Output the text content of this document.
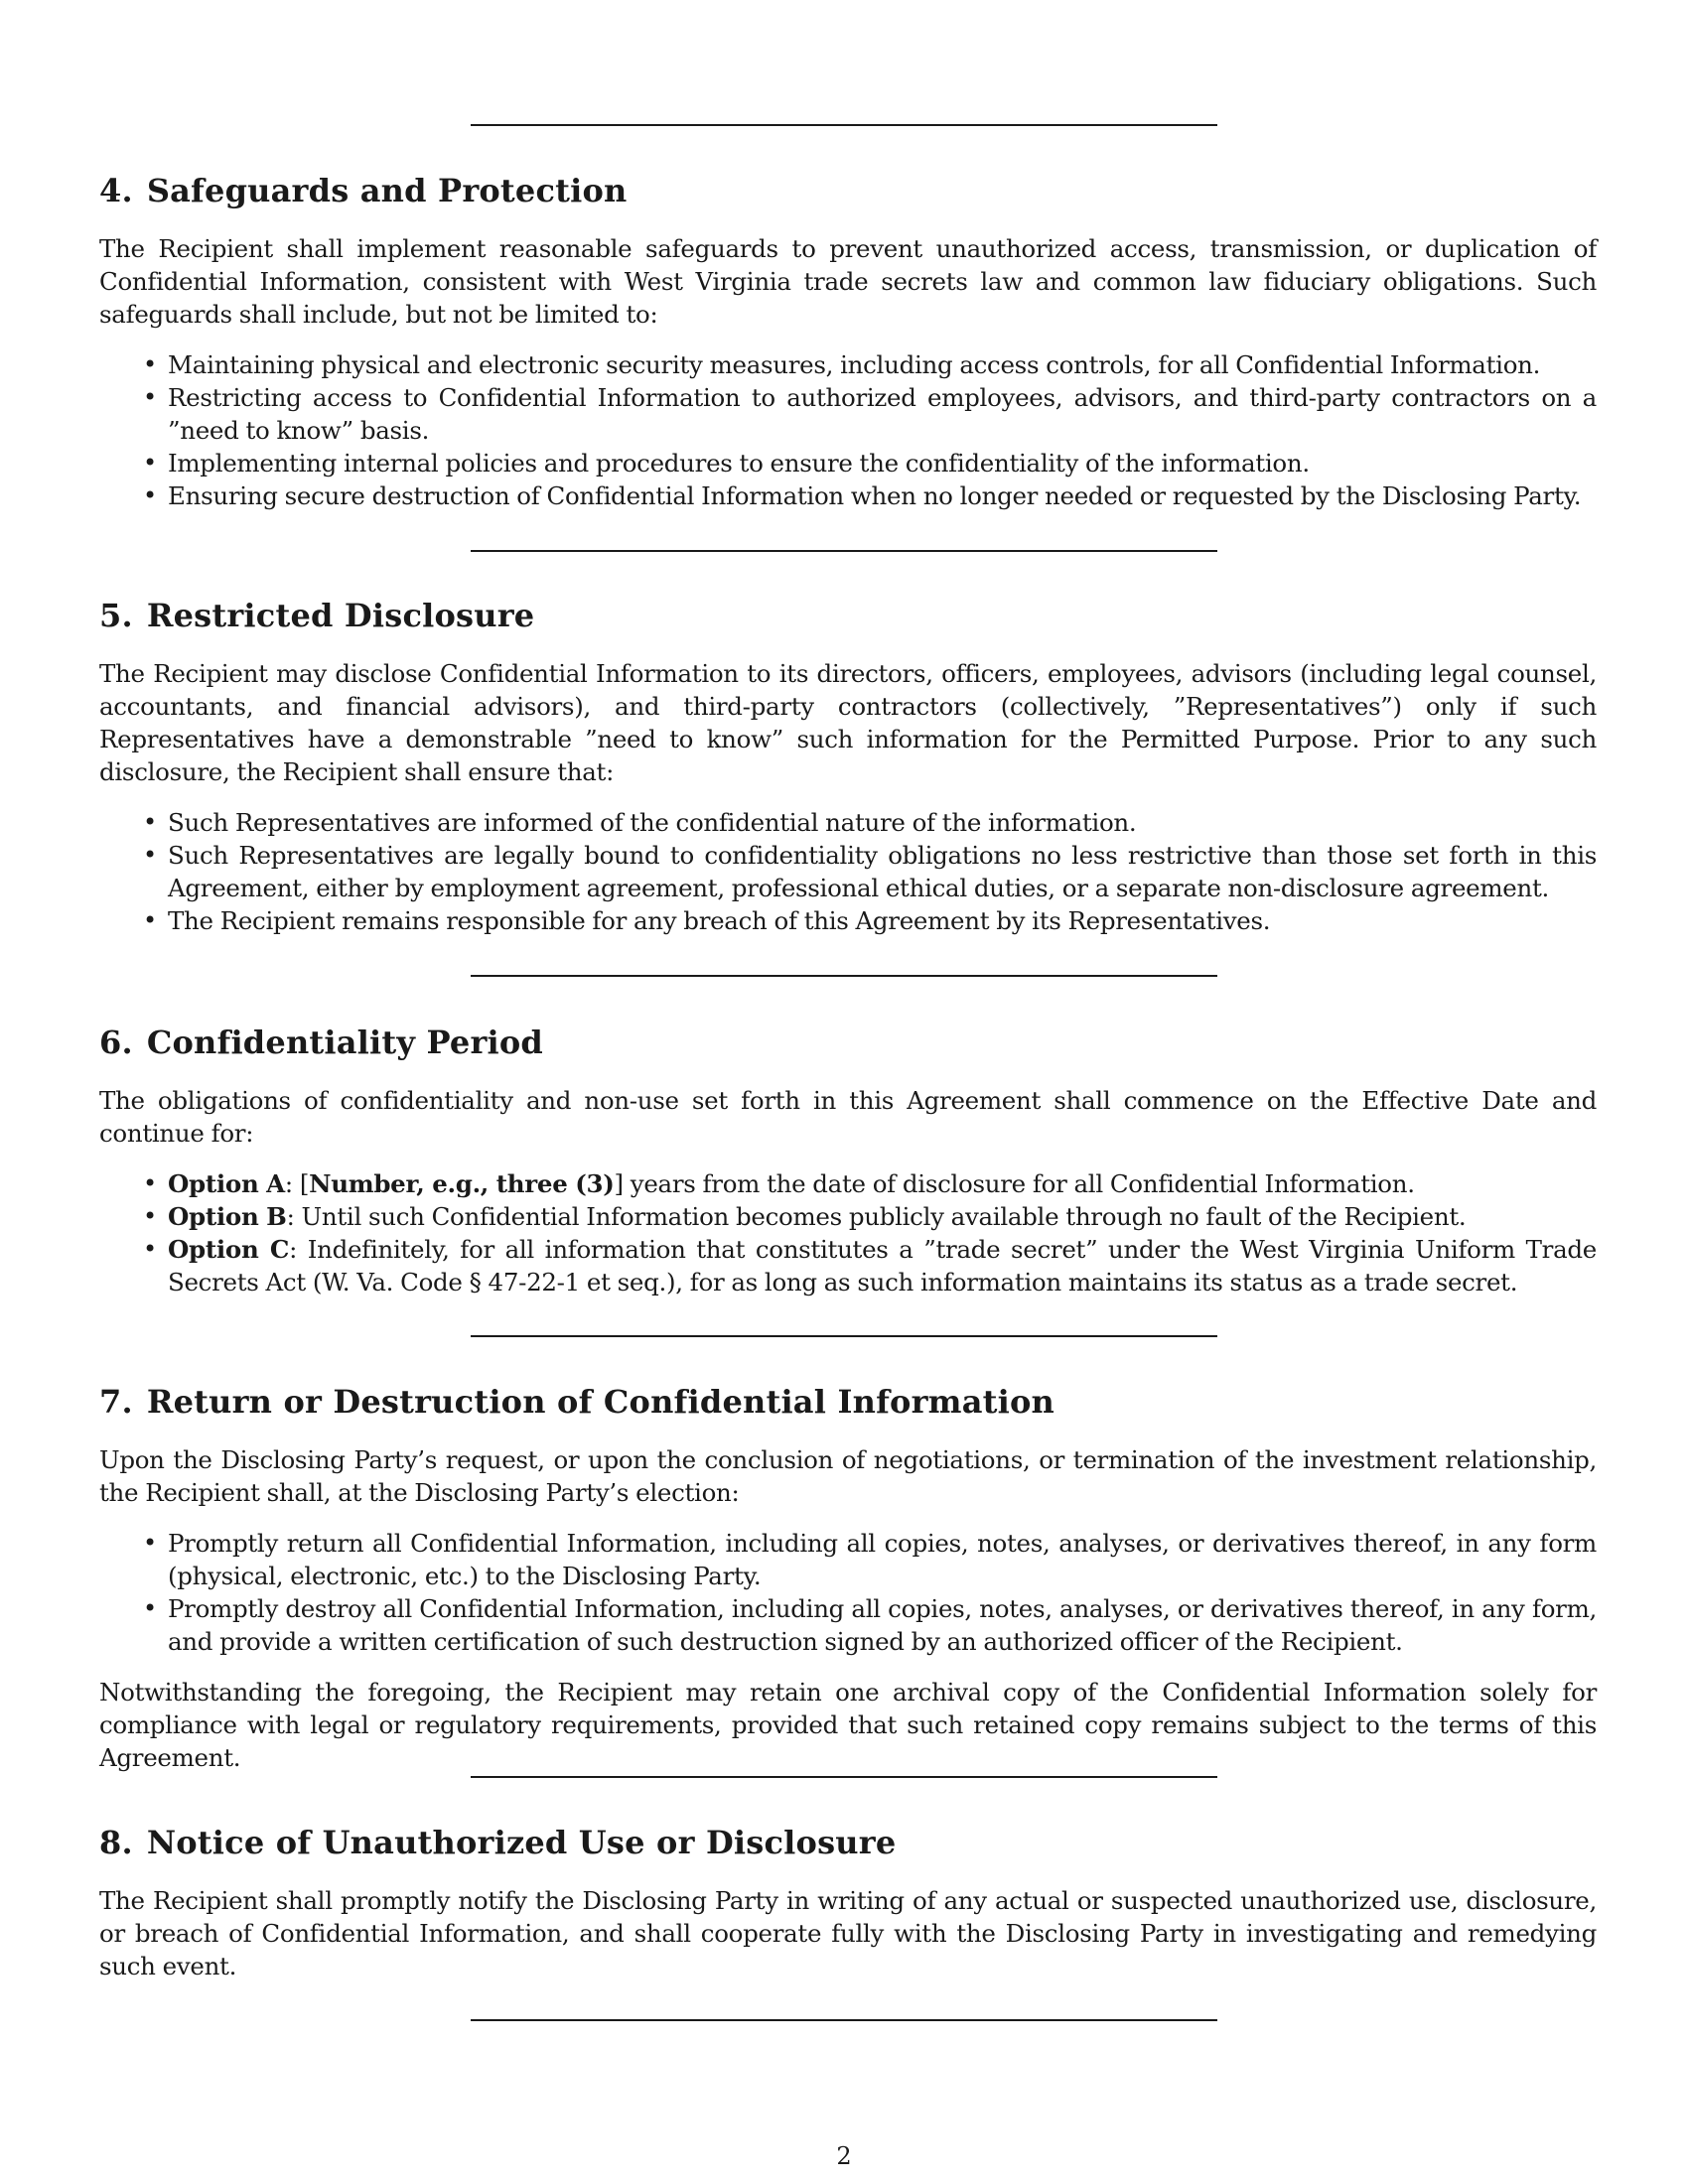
4. Safeguards and Protection

The Recipient shall implement reasonable safeguards to prevent unauthorized access, transmission, or duplication of Confidential Information, consistent with West Virginia trade secrets law and common law fiduciary obligations. Such safeguards shall include, but not be limited to:

• Maintaining physical and electronic security measures, including access controls, for all Confidential Information.
• Restricting access to Confidential Information to authorized employees, advisors, and third-party contractors on a ”need to know” basis.
• Implementing internal policies and procedures to ensure the confidentiality of the information.
• Ensuring secure destruction of Confidential Information when no longer needed or requested by the Disclosing Party.
5. Restricted Disclosure

The Recipient may disclose Confidential Information to its directors, officers, employees, advisors (including legal counsel, accountants, and financial advisors), and third-party contractors (collectively, ”Representatives”) only if such Representatives have a demonstrable ”need to know” such information for the Permitted Purpose. Prior to any such disclosure, the Recipient shall ensure that:

• Such Representatives are informed of the confidential nature of the information.
• Such Representatives are legally bound to confidentiality obligations no less restrictive than those set forth in this Agreement, either by employment agreement, professional ethical duties, or a separate non-disclosure agreement.
• The Recipient remains responsible for any breach of this Agreement by its Representatives.
6. Confidentiality Period

The obligations of confidentiality and non-use set forth in this Agreement shall commence on the Effective Date and continue for:

• Option A: [Number, e.g., three (3)] years from the date of disclosure for all Confidential Information.
• Option B: Until such Confidential Information becomes publicly available through no fault of the Recipient.
• Option C: Indefinitely, for all information that constitutes a ”trade secret” under the West Virginia Uniform Trade Secrets Act (W. Va. Code § 47-22-1 et seq.), for as long as such information maintains its status as a trade secret.
7. Return or Destruction of Confidential Information

Upon the Disclosing Party’s request, or upon the conclusion of negotiations, or termination of the investment relationship, the Recipient shall, at the Disclosing Party’s election:

• Promptly return all Confidential Information, including all copies, notes, analyses, or derivatives thereof, in any form (physical, electronic, etc.) to the Disclosing Party.
• Promptly destroy all Confidential Information, including all copies, notes, analyses, or derivatives thereof, in any form, and provide a written certification of such destruction signed by an authorized officer of the Recipient.

Notwithstanding the foregoing, the Recipient may retain one archival copy of the Confidential Information solely for compliance with legal or regulatory requirements, provided that such retained copy remains subject to the terms of this Agreement.

8. Notice of Unauthorized Use or Disclosure

The Recipient shall promptly notify the Disclosing Party in writing of any actual or suspected unauthorized use, disclosure, or breach of Confidential Information, and shall cooperate fully with the Disclosing Party in investigating and remedying such event.

2
